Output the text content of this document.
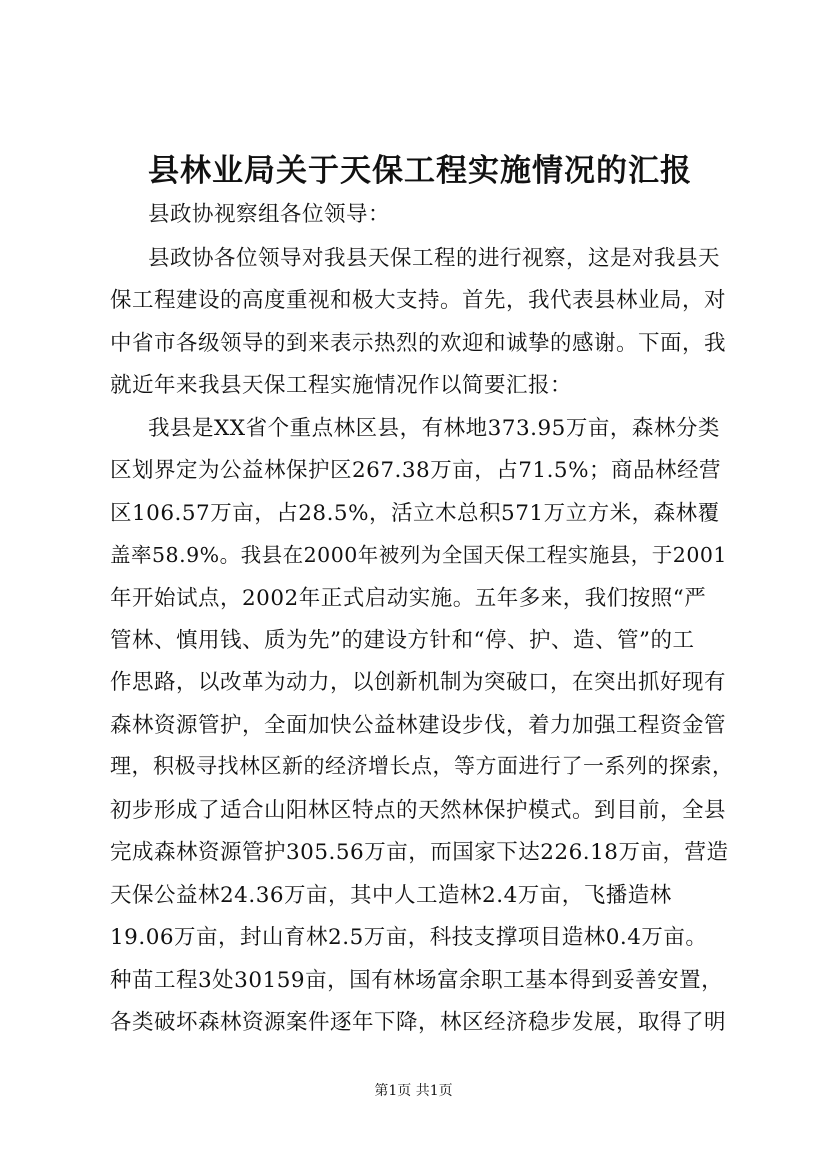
县林业局关于天保工程实施情况的汇报
县政协视察组各位领导：
县政协各位领导对我县天保工程的进行视察，这是对我县天
保工程建设的高度重视和极大支持。首先，我代表县林业局，对
中省市各级领导的到来表示热烈的欢迎和诚挚的感谢。下面，我
就近年来我县天保工程实施情况作以简要汇报：
我县是XX省个重点林区县，有林地373.95万亩，森林分类
区划界定为公益林保护区267.38万亩，占71.5%；商品林经营
区106.57万亩，占28.5%，活立木总积571万立方米，森林覆
盖率58.9%。我县在2000年被列为全国天保工程实施县，于2001
年开始试点，2002年正式启动实施。五年多来，我们按照“严
管林、慎用钱、质为先”的建设方针和“停、护、造、管”的工
作思路，以改革为动力，以创新机制为突破口，在突出抓好现有
森林资源管护，全面加快公益林建设步伐，着力加强工程资金管
理，积极寻找林区新的经济增长点，等方面进行了一系列的探索，
初步形成了适合山阳林区特点的天然林保护模式。到目前，全县
完成森林资源管护305.56万亩，而国家下达226.18万亩，营造
天保公益林24.36万亩，其中人工造林2.4万亩，飞播造林
19.06万亩，封山育林2.5万亩，科技支撑项目造林0.4万亩。
种苗工程3处30159亩，国有林场富余职工基本得到妥善安置，
各类破坏森林资源案件逐年下降，林区经济稳步发展，取得了明
第1页 共1页
